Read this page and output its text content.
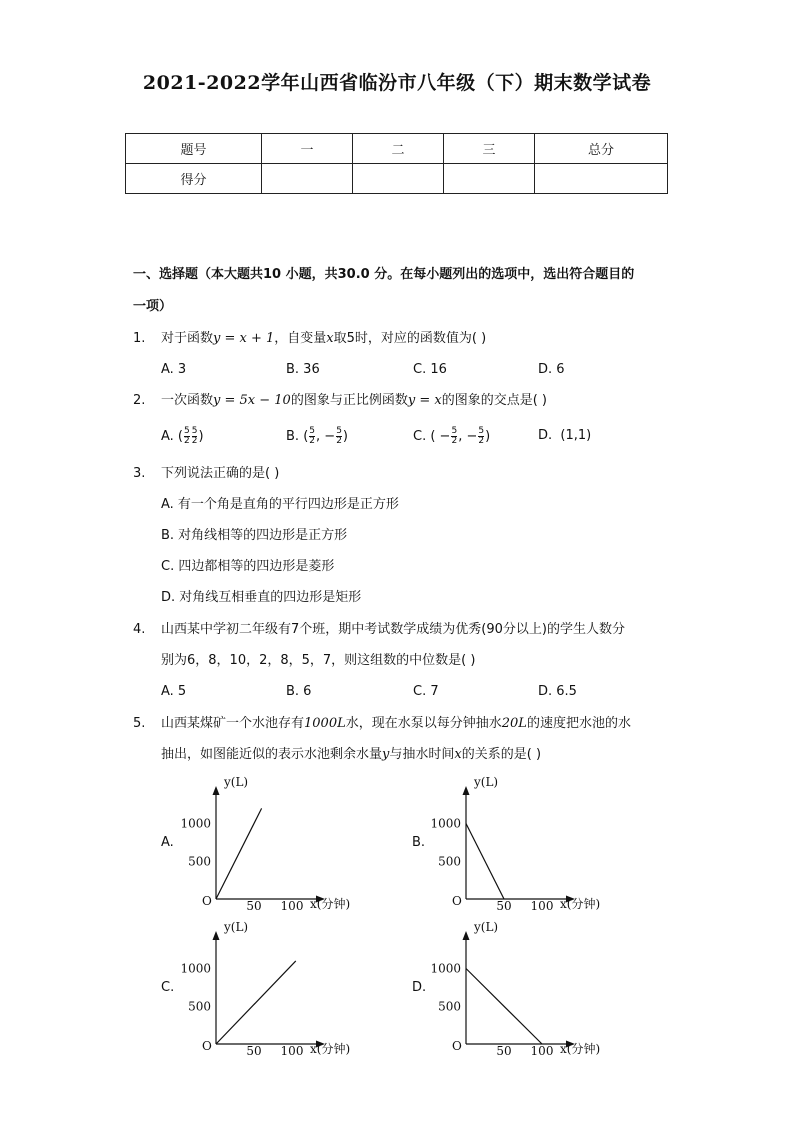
2021-2022学年山西省临汾市八年级（下）期末数学试卷
题号	一	二	三	总分
得分				
一、选择题（本大题共10 小题，共30.0 分。在每小题列出的选项中，选出符合题目的
一项）
1. 对于函数y = x + 1，自变量x取5时，对应的函数值为( )
A. 3	B. 36	C. 16	D. 6
2. 一次函数y = 5x − 10的图象与正比例函数y = x的图象的交点是( )
A. ( $\frac{5}{2} \frac{5}{2}$ )	B. ( $\frac{5}{2}$ , − $\frac{5}{2}$ )	C. ( − $\frac{5}{2}$ , − $\frac{5}{2}$ )	D. (1,1)
3. 下列说法正确的是( )
A. 有一个角是直角的平行四边形是正方形
B. 对角线相等的四边形是正方形
C. 四边都相等的四边形是菱形
D. 对角线互相垂直的四边形是矩形
4. 山西某中学初二年级有7个班，期中考试数学成绩为优秀(90分以上)的学生人数分
别为6，8，10，2，8，5，7，则这组数的中位数是( )
A. 5	B. 6	C. 7	D. 6.5
5. 山西某煤矿一个水池存有1000L水，现在水泵以每分钟抽水20L的速度把水池的水
抽出，如图能近似的表示水池剩余水量y与抽水时间x的关系的是( )
A.	B.
C.	D.
y(L)
x(分钟)
O
1000
500
50 100
y(L)
x(分钟)
O
1000
500
50 100
y(L)
x(分钟)
O
1000
500
50 100
y(L)
x(分钟)
O
1000
500
50 100
